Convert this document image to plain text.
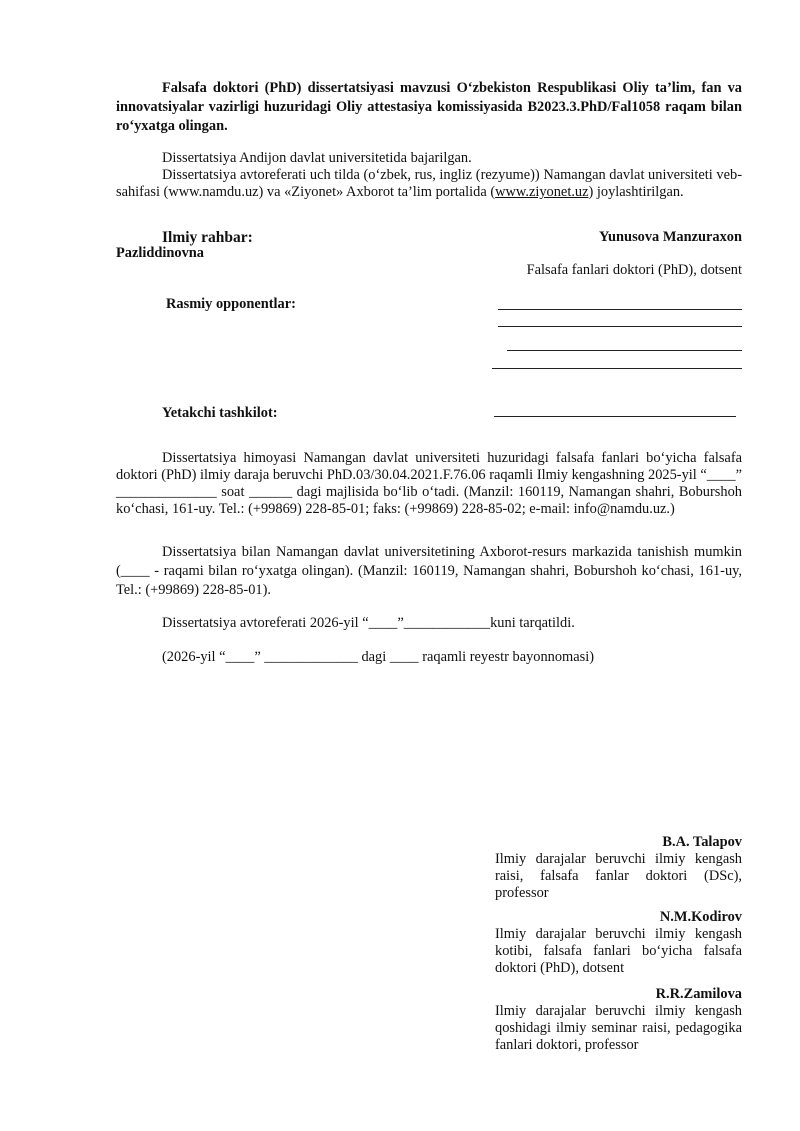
Falsafa doktori (PhD) dissertatsiyasi mavzusi O‘zbekiston Respublikasi Oliy ta’lim, fan va innovatsiyalar vazirligi huzuridagi Oliy attestasiya komissiyasida B2023.3.PhD/Fal1058 raqam bilan ro‘yxatga olingan.

Dissertatsiya Andijon davlat universitetida bajarilgan.

Dissertatsiya avtoreferati uch tilda (o‘zbek, rus, ingliz (rezyume)) Namangan davlat universiteti veb-sahifasi (www.namdu.uz) va «Ziyonet» Axborot ta’lim portalida (www.ziyonet.uz) joylashtirilgan.

Ilmiy rahbar:	Yunusova Manzuraxon
Pazliddinovna
Falsafa fanlari doktori (PhD), dotsent
Rasmiy opponentlar:
Yetakchi tashkilot:

Dissertatsiya himoyasi Namangan davlat universiteti huzuridagi falsafa fanlari bo‘yicha falsafa doktori (PhD) ilmiy daraja beruvchi PhD.03/30.04.2021.F.76.06 raqamli Ilmiy kengashning 2025-yil “____” ______________ soat ______ dagi majlisida bo‘lib o‘tadi. (Manzil: 160119, Namangan shahri, Bobursho‌h ko‘chasi, 161-uy. Tel.: (+99869) 228-85-01; faks: (+99869) 228-85-02; e-mail: info@namdu.uz.)

Dissertatsiya bilan Namangan davlat universitetining Axborot-resurs markazida tanishish mumkin (____ - raqami bilan ro‘yxatga olingan). (Manzil: 160119, Namangan shahri, Boburshoh ko‘chasi, 161-uy, Tel.: (+99869) 228-85-01).

Dissertatsiya avtoreferati 2026-yil “____”____________kuni tarqatildi.
(2026-yil “____” _____________ dagi ____ raqamli reyestr bayonnomasi)
B.A. Talapov
Ilmiy darajalar beruvchi ilmiy kengash raisi, falsafa fanlar doktori (DSc), professor
N.M.Kodirov
Ilmiy darajalar beruvchi ilmiy kengash kotibi, falsafa fanlari bo‘yicha falsafa doktori (PhD), dotsent
R.R.Zamilova
Ilmiy darajalar beruvchi ilmiy kengash qoshidagi ilmiy seminar raisi, pedagogika fanlari doktori, professor
